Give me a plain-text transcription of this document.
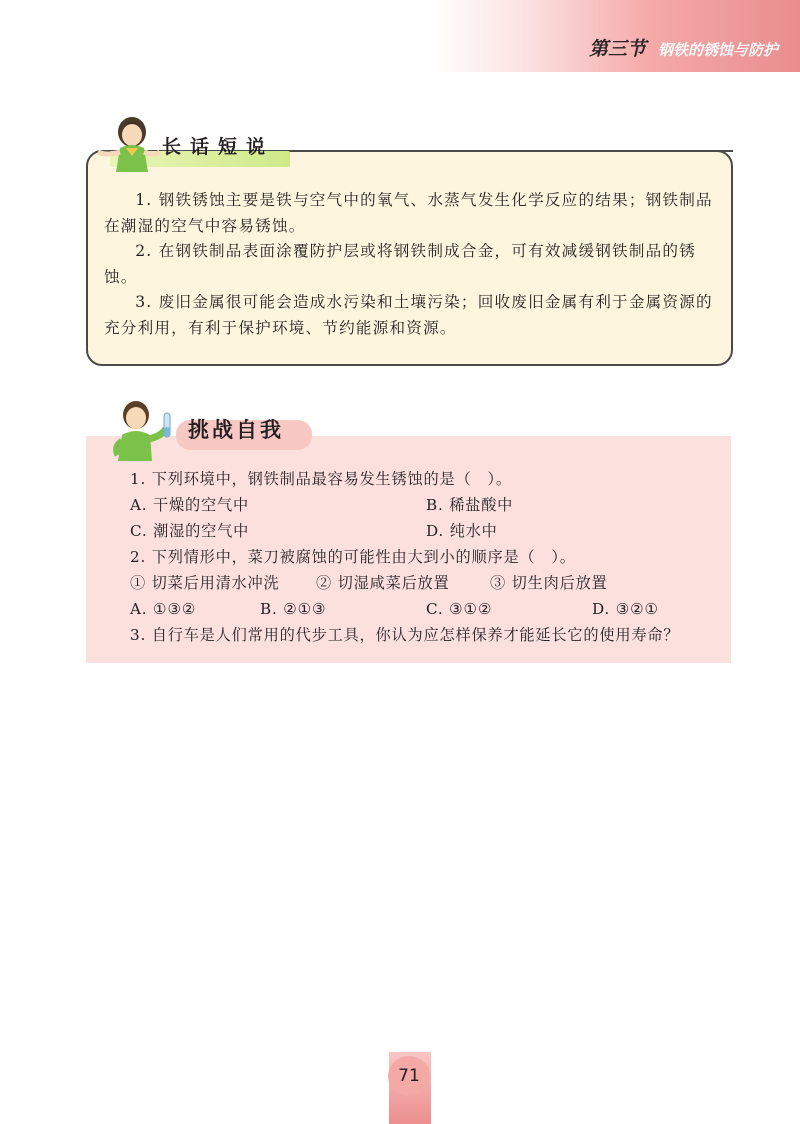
第三节 钢铁的锈蚀与防护

1. 钢铁锈蚀主要是铁与空气中的氧气、水蒸气发生化学反应的结果；钢铁制品在潮湿的空气中容易锈蚀。

2. 在钢铁制品表面涂覆防护层或将钢铁制成合金，可有效减缓钢铁制品的锈蚀。

3. 废旧金属很可能会造成水污染和土壤污染；回收废旧金属有利于金属资源的充分利用，有利于保护环境、节约能源和资源。

长话短说
挑战自我
1. 下列环境中，钢铁制品最容易发生锈蚀的是（　）。
A. 干燥的空气中	B. 稀盐酸中
C. 潮湿的空气中	D. 纯水中
2. 下列情形中，菜刀被腐蚀的可能性由大到小的顺序是（　）。
① 切菜后用清水冲洗	② 切湿咸菜后放置	③ 切生肉后放置
A. ①③②	B. ②①③	C. ③①②	D. ③②①
3. 自行车是人们常用的代步工具，你认为应怎样保养才能延长它的使用寿命？
71
